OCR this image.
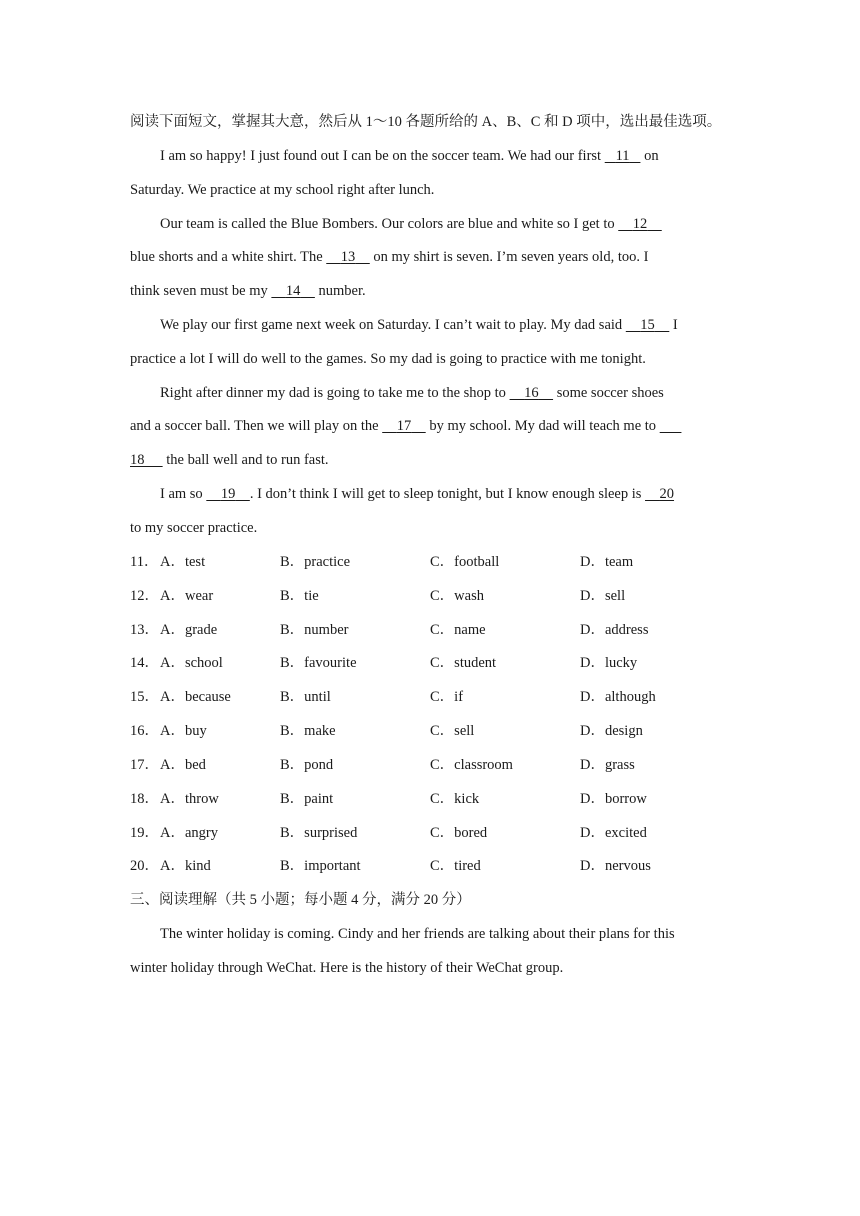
阅读下面短文，掌握其大意，然后从 1～10 各题所给的 A、B、C 和 D 项中，选出最佳选项。
I am so happy! I just found out I can be on the soccer team. We had our first    11    on
Saturday. We practice at my school right after lunch.
Our team is called the Blue Bombers. Our colors are blue and white so I get to     12
blue shorts and a white shirt. The     13     on my shirt is seven. I’m seven years old, too. I
think seven must be my     14     number.
We play our first game next week on Saturday. I can’t wait to play. My dad said     15     I
practice a lot I will do well to the games. So my dad is going to practice with me tonight.
Right after dinner my dad is going to take me to the shop to     16     some soccer shoes
and a soccer ball. Then we will play on the     17     by my school. My dad will teach me to
18      the ball well and to run fast.
I am so     19 . I don’t think I will get to sleep tonight, but I know enough sleep is     20
to my soccer practice.
11． A．test	B．practice	C．football	D．team
12． A．wear	B．tie	C．wash	D．sell
13． A．grade	B．number	C．name	D．address
14． A．school	B．favourite	C．student	D．lucky
15． A．because	B．until	C．if	D．although
16． A．buy	B．make	C．sell	D．design
17． A．bed	B．pond	C．classroom	D．grass
18． A．throw	B．paint	C．kick	D．borrow
19． A．angry	B．surprised	C．bored	D．excited
20． A．kind	B．important	C．tired	D．nervous
三、阅读理解（共 5 小题；每小题 4 分，满分 20 分）
The winter holiday is coming. Cindy and her friends are talking about their plans for this
winter holiday through WeChat. Here is the history of their WeChat group.
